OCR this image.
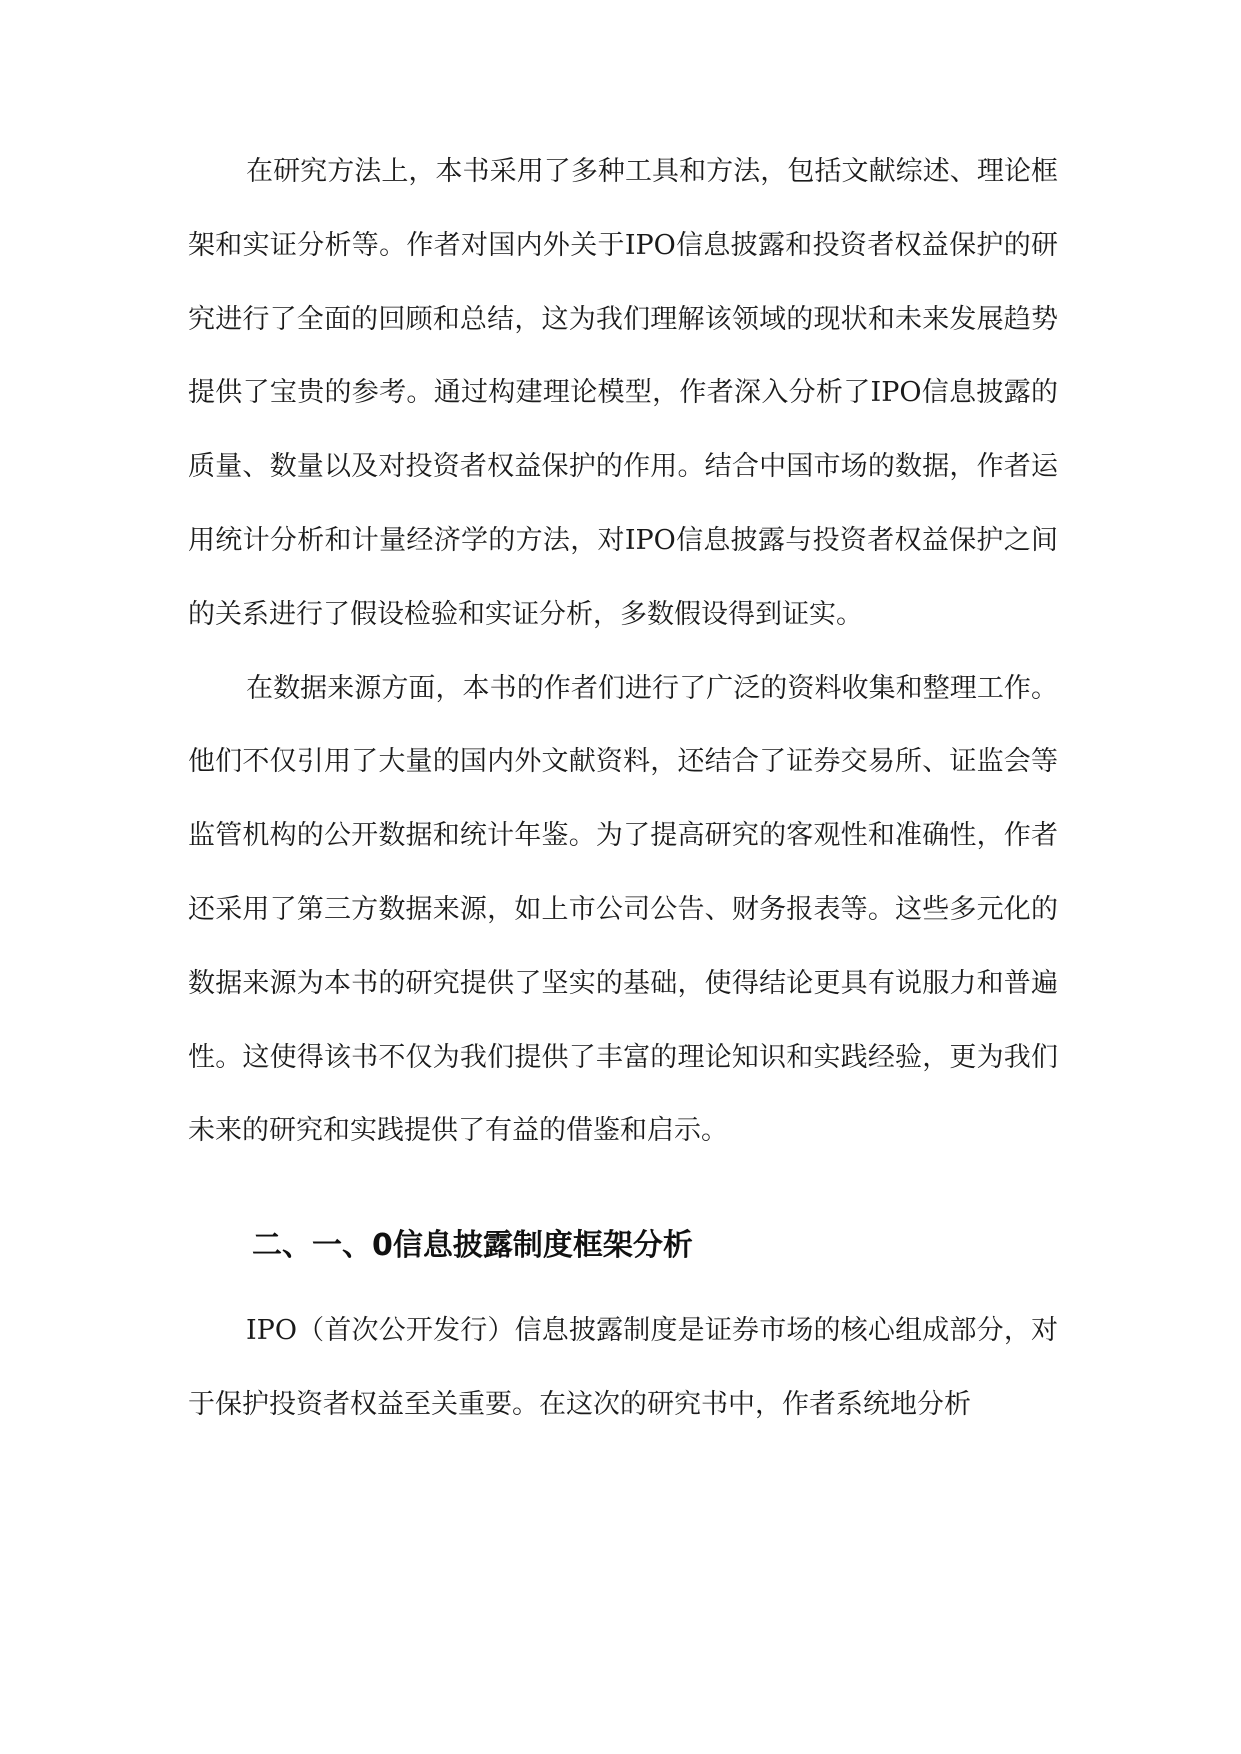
在研究方法上，本书采用了多种工具和方法，包括文献综述、理论框架和实证分析等。作者对国内外关于IPO信息披露和投资者权益保护的研究进行了全面的回顾和总结，这为我们理解该领域的现状和未来发展趋势提供了宝贵的参考。通过构建理论模型，作者深入分析了IPO信息披露的质量、数量以及对投资者权益保护的作用。结合中国市场的数据，作者运用统计分析和计量经济学的方法，对IPO信息披露与投资者权益保护之间的关系进行了假设检验和实证分析，多数假设得到证实。

在数据来源方面，本书的作者们进行了广泛的资料收集和整理工作。他们不仅引用了大量的国内外文献资料，还结合了证券交易所、证监会等监管机构的公开数据和统计年鉴。为了提高研究的客观性和准确性，作者还采用了第三方数据来源，如上市公司公告、财务报表等。这些多元化的数据来源为本书的研究提供了坚实的基础，使得结论更具有说服力和普遍性。这使得该书不仅为我们提供了丰富的理论知识和实践经验，更为我们未来的研究和实践提供了有益的借鉴和启示。

二、一、0信息披露制度框架分析

IPO（首次公开发行）信息披露制度是证券市场的核心组成部分，对于保护投资者权益至关重要。在这次的研究书中，作者系统地分析
